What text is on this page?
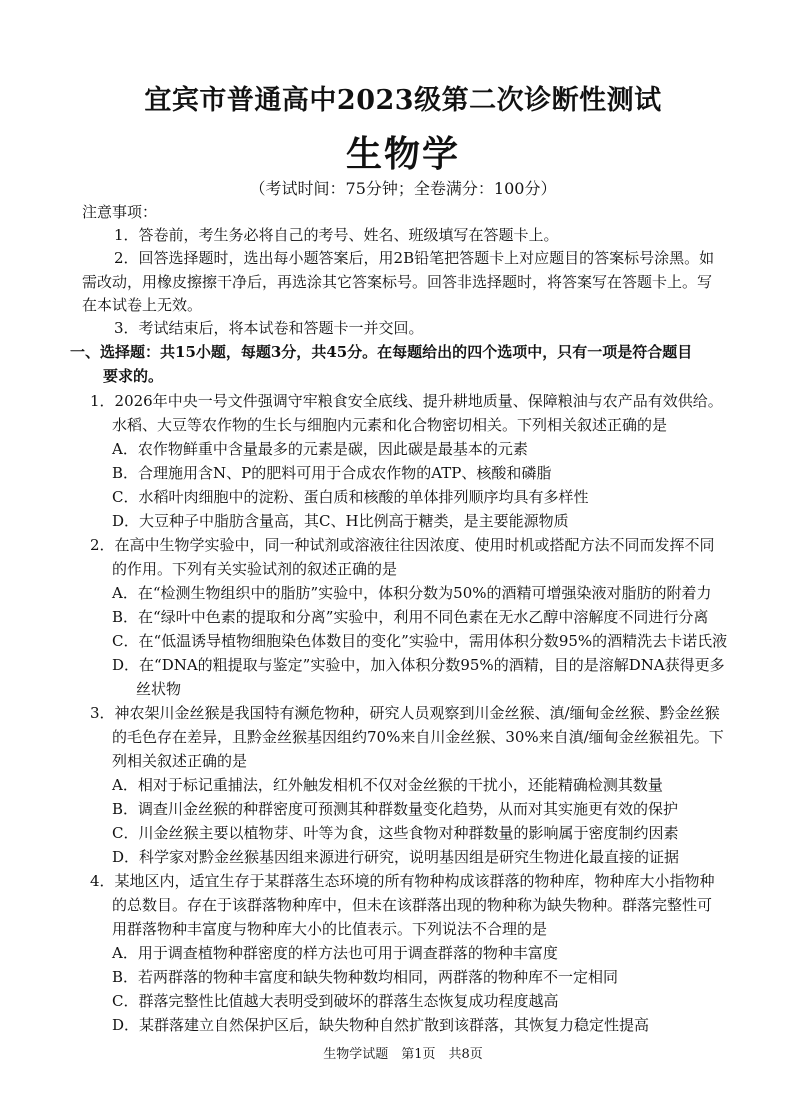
宜宾市普通高中2023级第二次诊断性测试
生物学
（考试时间：75分钟；全卷满分：100分）
注意事项：
1．答卷前，考生务必将自己的考号、姓名、班级填写在答题卡上。
2．回答选择题时，选出每小题答案后，用2B铅笔把答题卡上对应题目的答案标号涂黑。如
需改动，用橡皮擦擦干净后，再选涂其它答案标号。回答非选择题时，将答案写在答题卡上。写
在本试卷上无效。
3．考试结束后，将本试卷和答题卡一并交回。
一、选择题：共15小题，每题3分，共45分。在每题给出的四个选项中，只有一项是符合题目
要求的。
1．2026年中央一号文件强调守牢粮食安全底线、提升耕地质量、保障粮油与农产品有效供给。
水稻、大豆等农作物的生长与细胞内元素和化合物密切相关。下列相关叙述正确的是
A．农作物鲜重中含量最多的元素是碳，因此碳是最基本的元素
B．合理施用含N、P的肥料可用于合成农作物的ATP、核酸和磷脂
C．水稻叶肉细胞中的淀粉、蛋白质和核酸的单体排列顺序均具有多样性
D．大豆种子中脂肪含量高，其C、H比例高于糖类，是主要能源物质
2．在高中生物学实验中，同一种试剂或溶液往往因浓度、使用时机或搭配方法不同而发挥不同
的作用。下列有关实验试剂的叙述正确的是
A．在“检测生物组织中的脂肪”实验中，体积分数为50%的酒精可增强染液对脂肪的附着力
B．在“绿叶中色素的提取和分离”实验中，利用不同色素在无水乙醇中溶解度不同进行分离
C．在“低温诱导植物细胞染色体数目的变化”实验中，需用体积分数95%的酒精洗去卡诺氏液
D．在“DNA的粗提取与鉴定”实验中，加入体积分数95%的酒精，目的是溶解DNA获得更多
丝状物
3．神农架川金丝猴是我国特有濒危物种，研究人员观察到川金丝猴、滇/缅甸金丝猴、黔金丝猴
的毛色存在差异，且黔金丝猴基因组约70%来自川金丝猴、30%来自滇/缅甸金丝猴祖先。下
列相关叙述正确的是
A．相对于标记重捕法，红外触发相机不仅对金丝猴的干扰小，还能精确检测其数量
B．调查川金丝猴的种群密度可预测其种群数量变化趋势，从而对其实施更有效的保护
C．川金丝猴主要以植物芽、叶等为食，这些食物对种群数量的影响属于密度制约因素
D．科学家对黔金丝猴基因组来源进行研究，说明基因组是研究生物进化最直接的证据
4．某地区内，适宜生存于某群落生态环境的所有物种构成该群落的物种库，物种库大小指物种
的总数目。存在于该群落物种库中，但未在该群落出现的物种称为缺失物种。群落完整性可
用群落物种丰富度与物种库大小的比值表示。下列说法不合理的是
A．用于调查植物种群密度的样方法也可用于调查群落的物种丰富度
B．若两群落的物种丰富度和缺失物种数均相同，两群落的物种库不一定相同
C．群落完整性比值越大表明受到破坏的群落生态恢复成功程度越高
D．某群落建立自然保护区后，缺失物种自然扩散到该群落，其恢复力稳定性提高
生物学试题　第1页　共8页
